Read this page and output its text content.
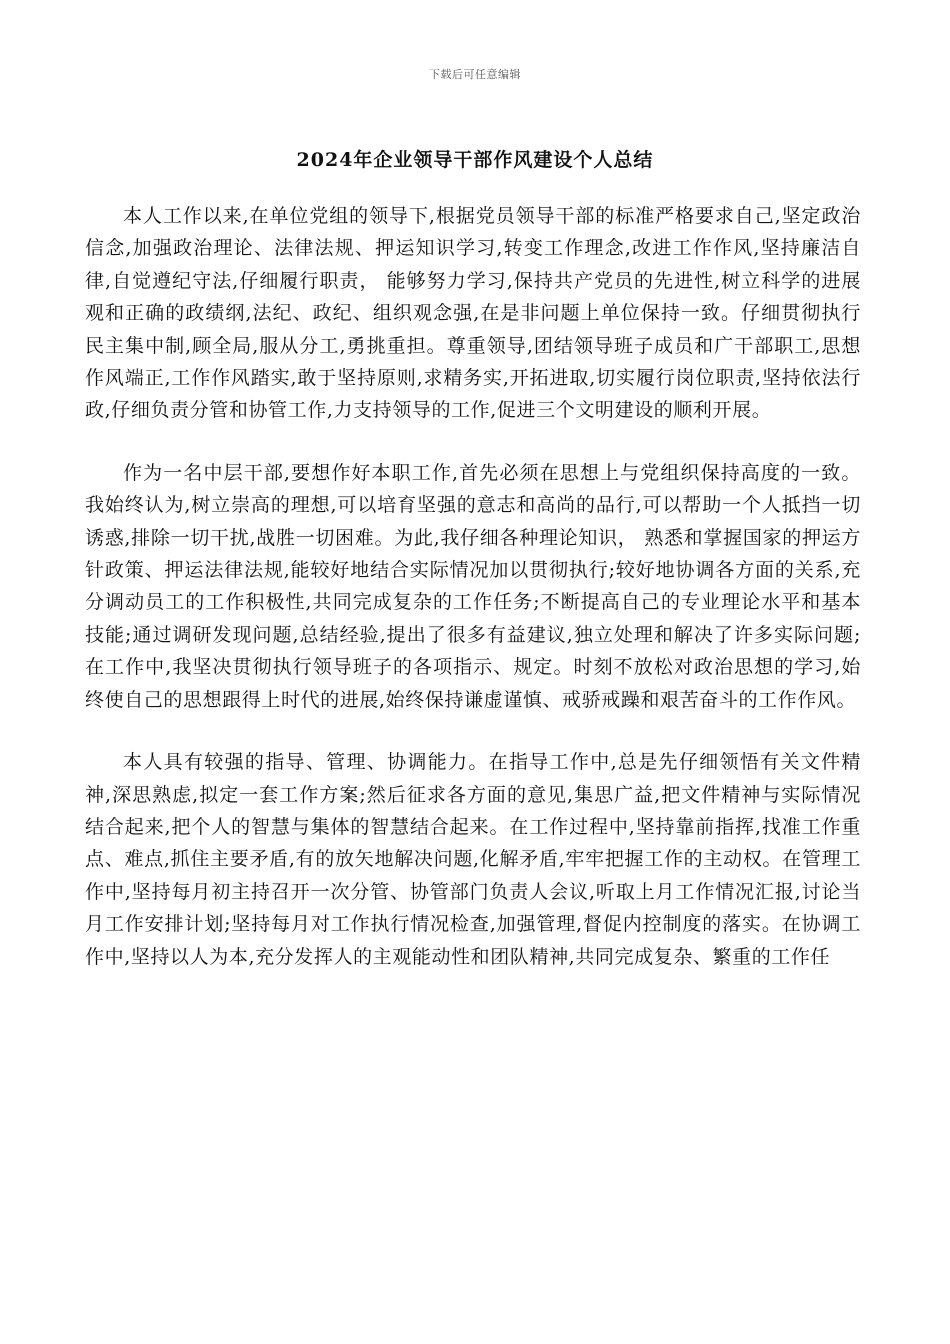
下载后可任意编辑
2024年企业领导干部作风建设个人总结

本人工作以来,在单位党组的领导下,根据党员领导干部的标准严格要求自己,坚定政治信念,加强政治理论、法律法规、押运知识学习,转变工作理念,改进工作作风,坚持廉洁自律,自觉遵纪守法,仔细履行职责， 能够努力学习,保持共产党员的先进性,树立科学的进展观和正确的政绩纲,法纪、政纪、组织观念强,在是非问题上单位保持一致。仔细贯彻执行民主集中制,顾全局,服从分工,勇挑重担。尊重领导,团结领导班子成员和广干部职工,思想作风端正,工作作风踏实,敢于坚持原则,求精务实,开拓进取,切实履行岗位职责,坚持依法行政,仔细负责分管和协管工作,力支持领导的工作,促进三个文明建设的顺利开展。

作为一名中层干部,要想作好本职工作,首先必须在思想上与党组织保持高度的一致。我始终认为,树立崇高的理想,可以培育坚强的意志和高尚的品行,可以帮助一个人抵挡一切诱惑,排除一切干扰,战胜一切困难。为此,我仔细各种理论知识， 熟悉和掌握国家的押运方针政策、押运法律法规,能较好地结合实际情况加以贯彻执行;较好地协调各方面的关系,充分调动员工的工作积极性,共同完成复杂的工作任务;不断提高自己的专业理论水平和基本技能;通过调研发现问题,总结经验,提出了很多有益建议,独立处理和解决了许多实际问题;在工作中,我坚决贯彻执行领导班子的各项指示、规定。时刻不放松对政治思想的学习,始终使自己的思想跟得上时代的进展,始终保持谦虚谨慎、戒骄戒躁和艰苦奋斗的工作作风。

本人具有较强的指导、管理、协调能力。在指导工作中,总是先仔细领悟有关文件精神,深思熟虑,拟定一套工作方案;然后征求各方面的意见,集思广益,把文件精神与实际情况结合起来,把个人的智慧与集体的智慧结合起来。在工作过程中,坚持靠前指挥,找准工作重点、难点,抓住主要矛盾,有的放矢地解决问题,化解矛盾,牢牢把握工作的主动权。在管理工作中,坚持每月初主持召开一次分管、协管部门负责人会议,听取上月工作情况汇报,讨论当月工作安排计划;坚持每月对工作执行情况检查,加强管理,督促内控制度的落实。在协调工作中,坚持以人为本,充分发挥人的主观能动性和团队精神,共同完成复杂、繁重的工作任
